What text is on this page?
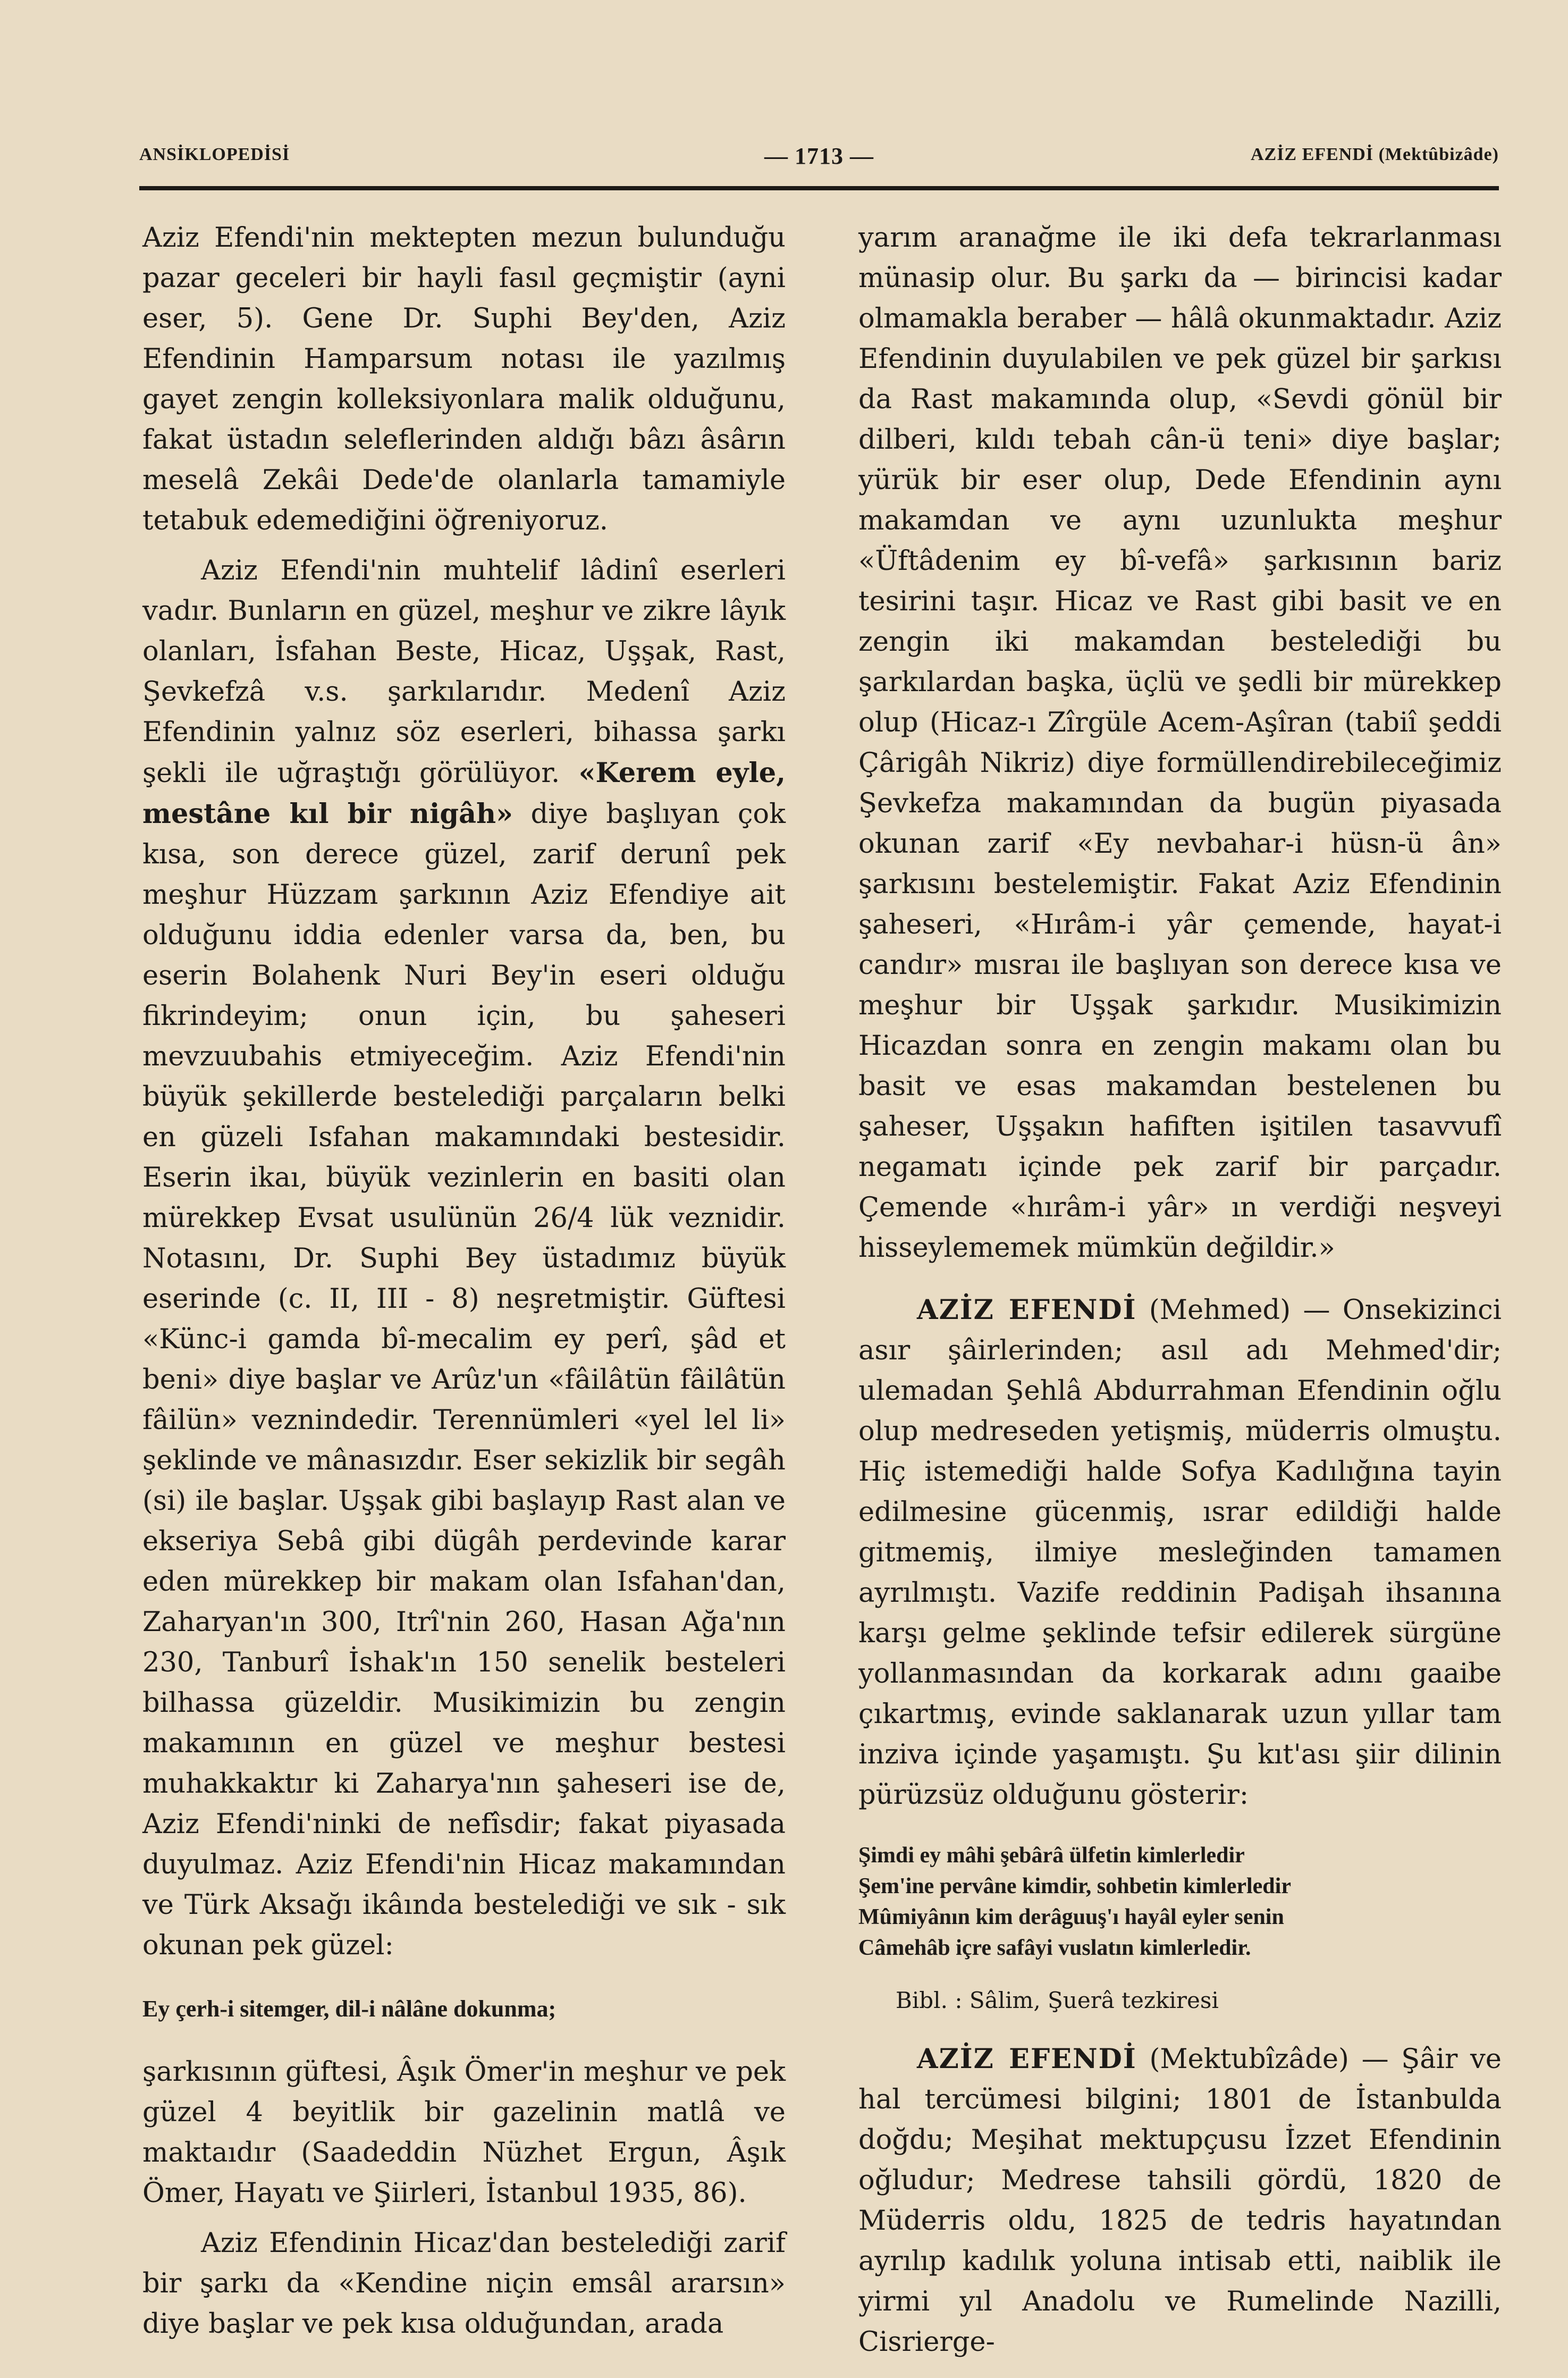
ANSİKLOPEDİSİ	— 1713 —	AZİZ EFENDİ (Mektûbizâde)

Aziz Efendi'nin mektepten mezun bulunduğu pazar geceleri bir hayli fasıl geçmiştir (ayni eser, 5). Gene Dr. Suphi Bey'den, Aziz Efendinin Hamparsum notası ile yazılmış gayet zengin kolleksiyonlara malik olduğunu, fakat üstadın seleflerinden aldığı bâzı âsârın meselâ Zekâi Dede'de olanlarla tamamiyle tetabuk edemediğini öğreniyoruz.

Aziz Efendi'nin muhtelif lâdinî eserleri vadır. Bunların en güzel, meşhur ve zikre lâyık olanları, İsfahan Beste, Hicaz, Uşşak, Rast, Şevkefzâ v.s. şarkılarıdır. Medenî Aziz Efendinin yalnız söz eserleri, bihassa şarkı şekli ile uğraştığı görülüyor. «Kerem eyle, mestâne kıl bir nigâh» diye başlıyan çok kısa, son derece güzel, zarif derunî pek meşhur Hüzzam şarkının Aziz Efendiye ait olduğunu iddia edenler varsa da, ben, bu eserin Bolahenk Nuri Bey'in eseri olduğu fikrindeyim; onun için, bu şaheseri mevzuubahis etmiyeceğim. Aziz Efendi'nin büyük şekillerde bestelediği parçaların belki en güzeli Isfahan makamındaki bestesidir. Eserin ikaı, büyük vezinlerin en basiti olan mürekkep Evsat usulünün 26/4 lük veznidir. Notasını, Dr. Suphi Bey üstadımız büyük eserinde (c. II, III - 8) neşretmiştir. Güftesi «Künc-i gamda bî-mecalim ey perî, şâd et beni» diye başlar ve Arûz'un «fâilâtün fâilâtün fâilün» veznindedir. Terennümleri «yel lel li» şeklinde ve mânasızdır. Eser sekizlik bir segâh (si) ile başlar. Uşşak gibi başlayıp Rast alan ve ekseriya Sebâ gibi dügâh perdevinde karar eden mürekkep bir makam olan Isfahan'dan, Zaharyan'ın 300, Itrî'nin 260, Hasan Ağa'nın 230, Tanburî İshak'ın 150 senelik besteleri bilhassa güzeldir. Musikimizin bu zengin makamının en güzel ve meşhur bestesi muhakkaktır ki Zaharya'nın şaheseri ise de, Aziz Efendi'ninki de nefîsdir; fakat piyasada duyulmaz. Aziz Efendi'nin Hicaz makamından ve Türk Aksağı ikâında bestelediği ve sık - sık okunan pek güzel:

Ey çerh-i sitemger, dil-i nâlâne dokunma;

şarkısının güftesi, Âşık Ömer'in meşhur ve pek güzel 4 beyitlik bir gazelinin matlâ ve maktaıdır (Saadeddin Nüzhet Ergun, Âşık Ömer, Hayatı ve Şiirleri, İstanbul 1935, 86).

Aziz Efendinin Hicaz'dan bestelediği zarif bir şarkı da «Kendine niçin emsâl ararsın» diye başlar ve pek kısa olduğundan, arada

yarım aranağme ile iki defa tekrarlanması münasip olur. Bu şarkı da — birincisi kadar olmamakla beraber — hâlâ okunmaktadır. Aziz Efendinin duyulabilen ve pek güzel bir şarkısı da Rast makamında olup, «Sevdi gönül bir dilberi, kıldı tebah cân-ü teni» diye başlar; yürük bir eser olup, Dede Efendinin aynı makamdan ve aynı uzunlukta meşhur «Üftâdenim ey bî-vefâ» şarkısının bariz tesirini taşır. Hicaz ve Rast gibi basit ve en zengin iki makamdan bestelediği bu şarkılardan başka, üçlü ve şedli bir mürekkep olup (Hicaz-ı Zîrgüle Acem-Aşîran (tabiî şeddi Çârigâh Nikriz) diye formüllendirebileceğimiz Şevkefza makamından da bugün piyasada okunan zarif «Ey nevbahar-i hüsn-ü ân» şarkısını bestelemiştir. Fakat Aziz Efendinin şaheseri, «Hırâm-i yâr çemende, hayat-i candır» mısraı ile başlıyan son derece kısa ve meşhur bir Uşşak şarkıdır. Musikimizin Hicazdan sonra en zengin makamı olan bu basit ve esas makamdan bestelenen bu şaheser, Uşşakın hafiften işitilen tasavvufî negamatı içinde pek zarif bir parçadır. Çemende «hırâm-i yâr» ın verdiği neşveyi hisseylememek mümkün değildir.»

AZİZ EFENDİ (Mehmed) — Onsekizinci asır şâirlerinden; asıl adı Mehmed'dir; ulemadan Şehlâ Abdurrahman Efendinin oğlu olup medreseden yetişmiş, müderris olmuştu. Hiç istemediği halde Sofya Kadılığına tayin edilmesine gücenmiş, ısrar edildiği halde gitmemiş, ilmiye mesleğinden tamamen ayrılmıştı. Vazife reddinin Padişah ihsanına karşı gelme şeklinde tefsir edilerek sürgüne yollanmasından da korkarak adını gaaibe çıkartmış, evinde saklanarak uzun yıllar tam inziva içinde yaşamıştı. Şu kıt'ası şiir dilinin pürüzsüz olduğunu gösterir:

Şimdi ey mâhi şebârâ ülfetin kimlerledir
Şem'ine pervâne kimdir, sohbetin kimlerledir
Mûmiyânın kim derâguuş'ı hayâl eyler senin
Câmehâb içre safâyi vuslatın kimlerledir.
Bibl. : Sâlim, Şuerâ tezkiresi

AZİZ EFENDİ (Mektubîzâde) — Şâir ve hal tercümesi bilgini; 1801 de İstanbulda doğdu; Meşihat mektupçusu İzzet Efendinin oğludur; Medrese tahsili gördü, 1820 de Müderris oldu, 1825 de tedris hayatından ayrılıp kadılık yoluna intisab etti, naiblik ile yirmi yıl Anadolu ve Rumelinde Nazilli, Cisrierge-
